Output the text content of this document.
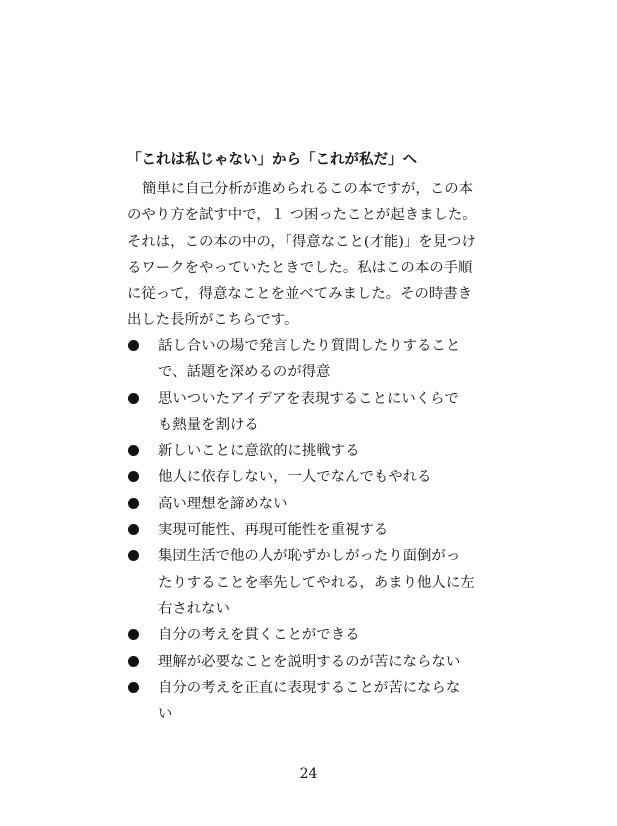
「これは私じゃない」から「これが私だ」へ
簡単に自己分析が進められるこの本ですが，この本
のやり方を試す中で，１ つ困ったことが起きました。
それは，この本の中の，「得意なこと(才能)」を見つけ
るワークをやっていたときでした。私はこの本の手順
に従って，得意なことを並べてみました。その時書き
出した長所がこちらです。
話し合いの場で発言したり質問したりすること
で、話題を深めるのが得意
思いついたアイデアを表現することにいくらで
も熱量を割ける
新しいことに意欲的に挑戦する
他人に依存しない，一人でなんでもやれる
高い理想を諦めない
実現可能性、再現可能性を重視する
集団生活で他の人が恥ずかしがったり面倒がっ
たりすることを率先してやれる，あまり他人に左
右されない
自分の考えを貫くことができる
理解が必要なことを説明するのが苦にならない
自分の考えを正直に表現することが苦にならな
い
24
